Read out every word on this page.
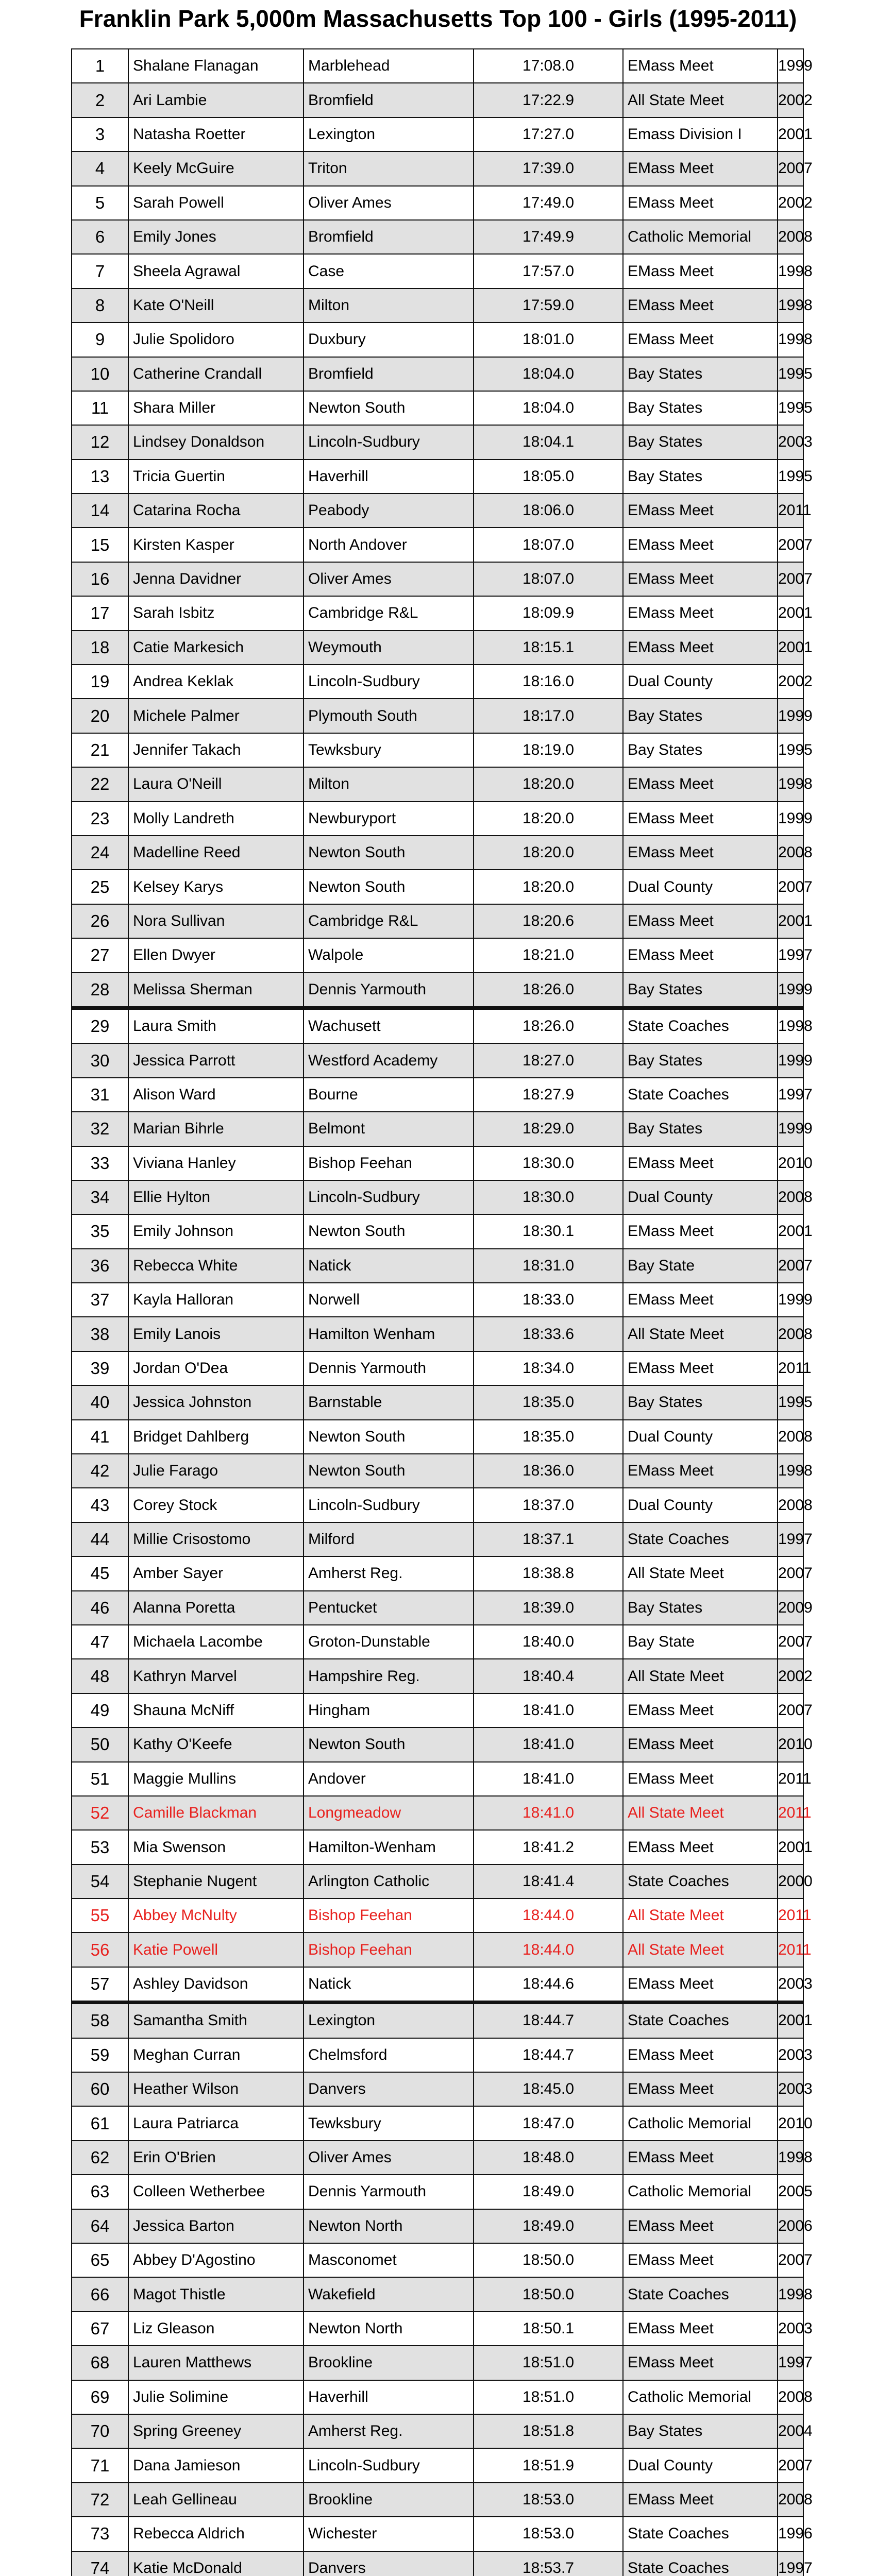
Franklin Park 5,000m Massachusetts Top 100 - Girls (1995-2011)
1	Shalane Flanagan	Marblehead	17:08.0	EMass Meet	1999
2	Ari Lambie	Bromfield	17:22.9	All State Meet	2002
3	Natasha Roetter	Lexington	17:27.0	Emass Division I	2001
4	Keely McGuire	Triton	17:39.0	EMass Meet	2007
5	Sarah Powell	Oliver Ames	17:49.0	EMass Meet	2002
6	Emily Jones	Bromfield	17:49.9	Catholic Memorial	2008
7	Sheela Agrawal	Case	17:57.0	EMass Meet	1998
8	Kate O'Neill	Milton	17:59.0	EMass Meet	1998
9	Julie Spolidoro	Duxbury	18:01.0	EMass Meet	1998
10	Catherine Crandall	Bromfield	18:04.0	Bay States	1995
11	Shara Miller	Newton South	18:04.0	Bay States	1995
12	Lindsey Donaldson	Lincoln-Sudbury	18:04.1	Bay States	2003
13	Tricia Guertin	Haverhill	18:05.0	Bay States	1995
14	Catarina Rocha	Peabody	18:06.0	EMass Meet	2011
15	Kirsten Kasper	North Andover	18:07.0	EMass Meet	2007
16	Jenna Davidner	Oliver Ames	18:07.0	EMass Meet	2007
17	Sarah Isbitz	Cambridge R&L	18:09.9	EMass Meet	2001
18	Catie Markesich	Weymouth	18:15.1	EMass Meet	2001
19	Andrea Keklak	Lincoln-Sudbury	18:16.0	Dual County	2002
20	Michele Palmer	Plymouth South	18:17.0	Bay States	1999
21	Jennifer Takach	Tewksbury	18:19.0	Bay States	1995
22	Laura O'Neill	Milton	18:20.0	EMass Meet	1998
23	Molly Landreth	Newburyport	18:20.0	EMass Meet	1999
24	Madelline Reed	Newton South	18:20.0	EMass Meet	2008
25	Kelsey Karys	Newton South	18:20.0	Dual County	2007
26	Nora Sullivan	Cambridge R&L	18:20.6	EMass Meet	2001
27	Ellen Dwyer	Walpole	18:21.0	EMass Meet	1997
28	Melissa Sherman	Dennis Yarmouth	18:26.0	Bay States	1999
29	Laura Smith	Wachusett	18:26.0	State Coaches	1998
30	Jessica Parrott	Westford Academy	18:27.0	Bay States	1999
31	Alison Ward	Bourne	18:27.9	State Coaches	1997
32	Marian Bihrle	Belmont	18:29.0	Bay States	1999
33	Viviana Hanley	Bishop Feehan	18:30.0	EMass Meet	2010
34	Ellie Hylton	Lincoln-Sudbury	18:30.0	Dual County	2008
35	Emily Johnson	Newton South	18:30.1	EMass Meet	2001
36	Rebecca White	Natick	18:31.0	Bay State	2007
37	Kayla Halloran	Norwell	18:33.0	EMass Meet	1999
38	Emily Lanois	Hamilton Wenham	18:33.6	All State Meet	2008
39	Jordan O'Dea	Dennis Yarmouth	18:34.0	EMass Meet	2011
40	Jessica Johnston	Barnstable	18:35.0	Bay States	1995
41	Bridget Dahlberg	Newton South	18:35.0	Dual County	2008
42	Julie Farago	Newton South	18:36.0	EMass Meet	1998
43	Corey Stock	Lincoln-Sudbury	18:37.0	Dual County	2008
44	Millie Crisostomo	Milford	18:37.1	State Coaches	1997
45	Amber Sayer	Amherst Reg.	18:38.8	All State Meet	2007
46	Alanna Poretta	Pentucket	18:39.0	Bay States	2009
47	Michaela Lacombe	Groton-Dunstable	18:40.0	Bay State	2007
48	Kathryn Marvel	Hampshire Reg.	18:40.4	All State Meet	2002
49	Shauna McNiff	Hingham	18:41.0	EMass Meet	2007
50	Kathy O'Keefe	Newton South	18:41.0	EMass Meet	2010
51	Maggie Mullins	Andover	18:41.0	EMass Meet	2011
52	Camille Blackman	Longmeadow	18:41.0	All State Meet	2011
53	Mia Swenson	Hamilton-Wenham	18:41.2	EMass Meet	2001
54	Stephanie Nugent	Arlington Catholic	18:41.4	State Coaches	2000
55	Abbey McNulty	Bishop Feehan	18:44.0	All State Meet	2011
56	Katie Powell	Bishop Feehan	18:44.0	All State Meet	2011
57	Ashley Davidson	Natick	18:44.6	EMass Meet	2003
58	Samantha Smith	Lexington	18:44.7	State Coaches	2001
59	Meghan Curran	Chelmsford	18:44.7	EMass Meet	2003
60	Heather Wilson	Danvers	18:45.0	EMass Meet	2003
61	Laura Patriarca	Tewksbury	18:47.0	Catholic Memorial	2010
62	Erin O'Brien	Oliver Ames	18:48.0	EMass Meet	1998
63	Colleen Wetherbee	Dennis Yarmouth	18:49.0	Catholic Memorial	2005
64	Jessica Barton	Newton North	18:49.0	EMass Meet	2006
65	Abbey D'Agostino	Masconomet	18:50.0	EMass Meet	2007
66	Magot Thistle	Wakefield	18:50.0	State Coaches	1998
67	Liz Gleason	Newton North	18:50.1	EMass Meet	2003
68	Lauren Matthews	Brookline	18:51.0	EMass Meet	1997
69	Julie Solimine	Haverhill	18:51.0	Catholic Memorial	2008
70	Spring Greeney	Amherst Reg.	18:51.8	Bay States	2004
71	Dana Jamieson	Lincoln-Sudbury	18:51.9	Dual County	2007
72	Leah Gellineau	Brookline	18:53.0	EMass Meet	2008
73	Rebecca Aldrich	Wichester	18:53.0	State Coaches	1996
74	Katie McDonald	Danvers	18:53.7	State Coaches	1997
